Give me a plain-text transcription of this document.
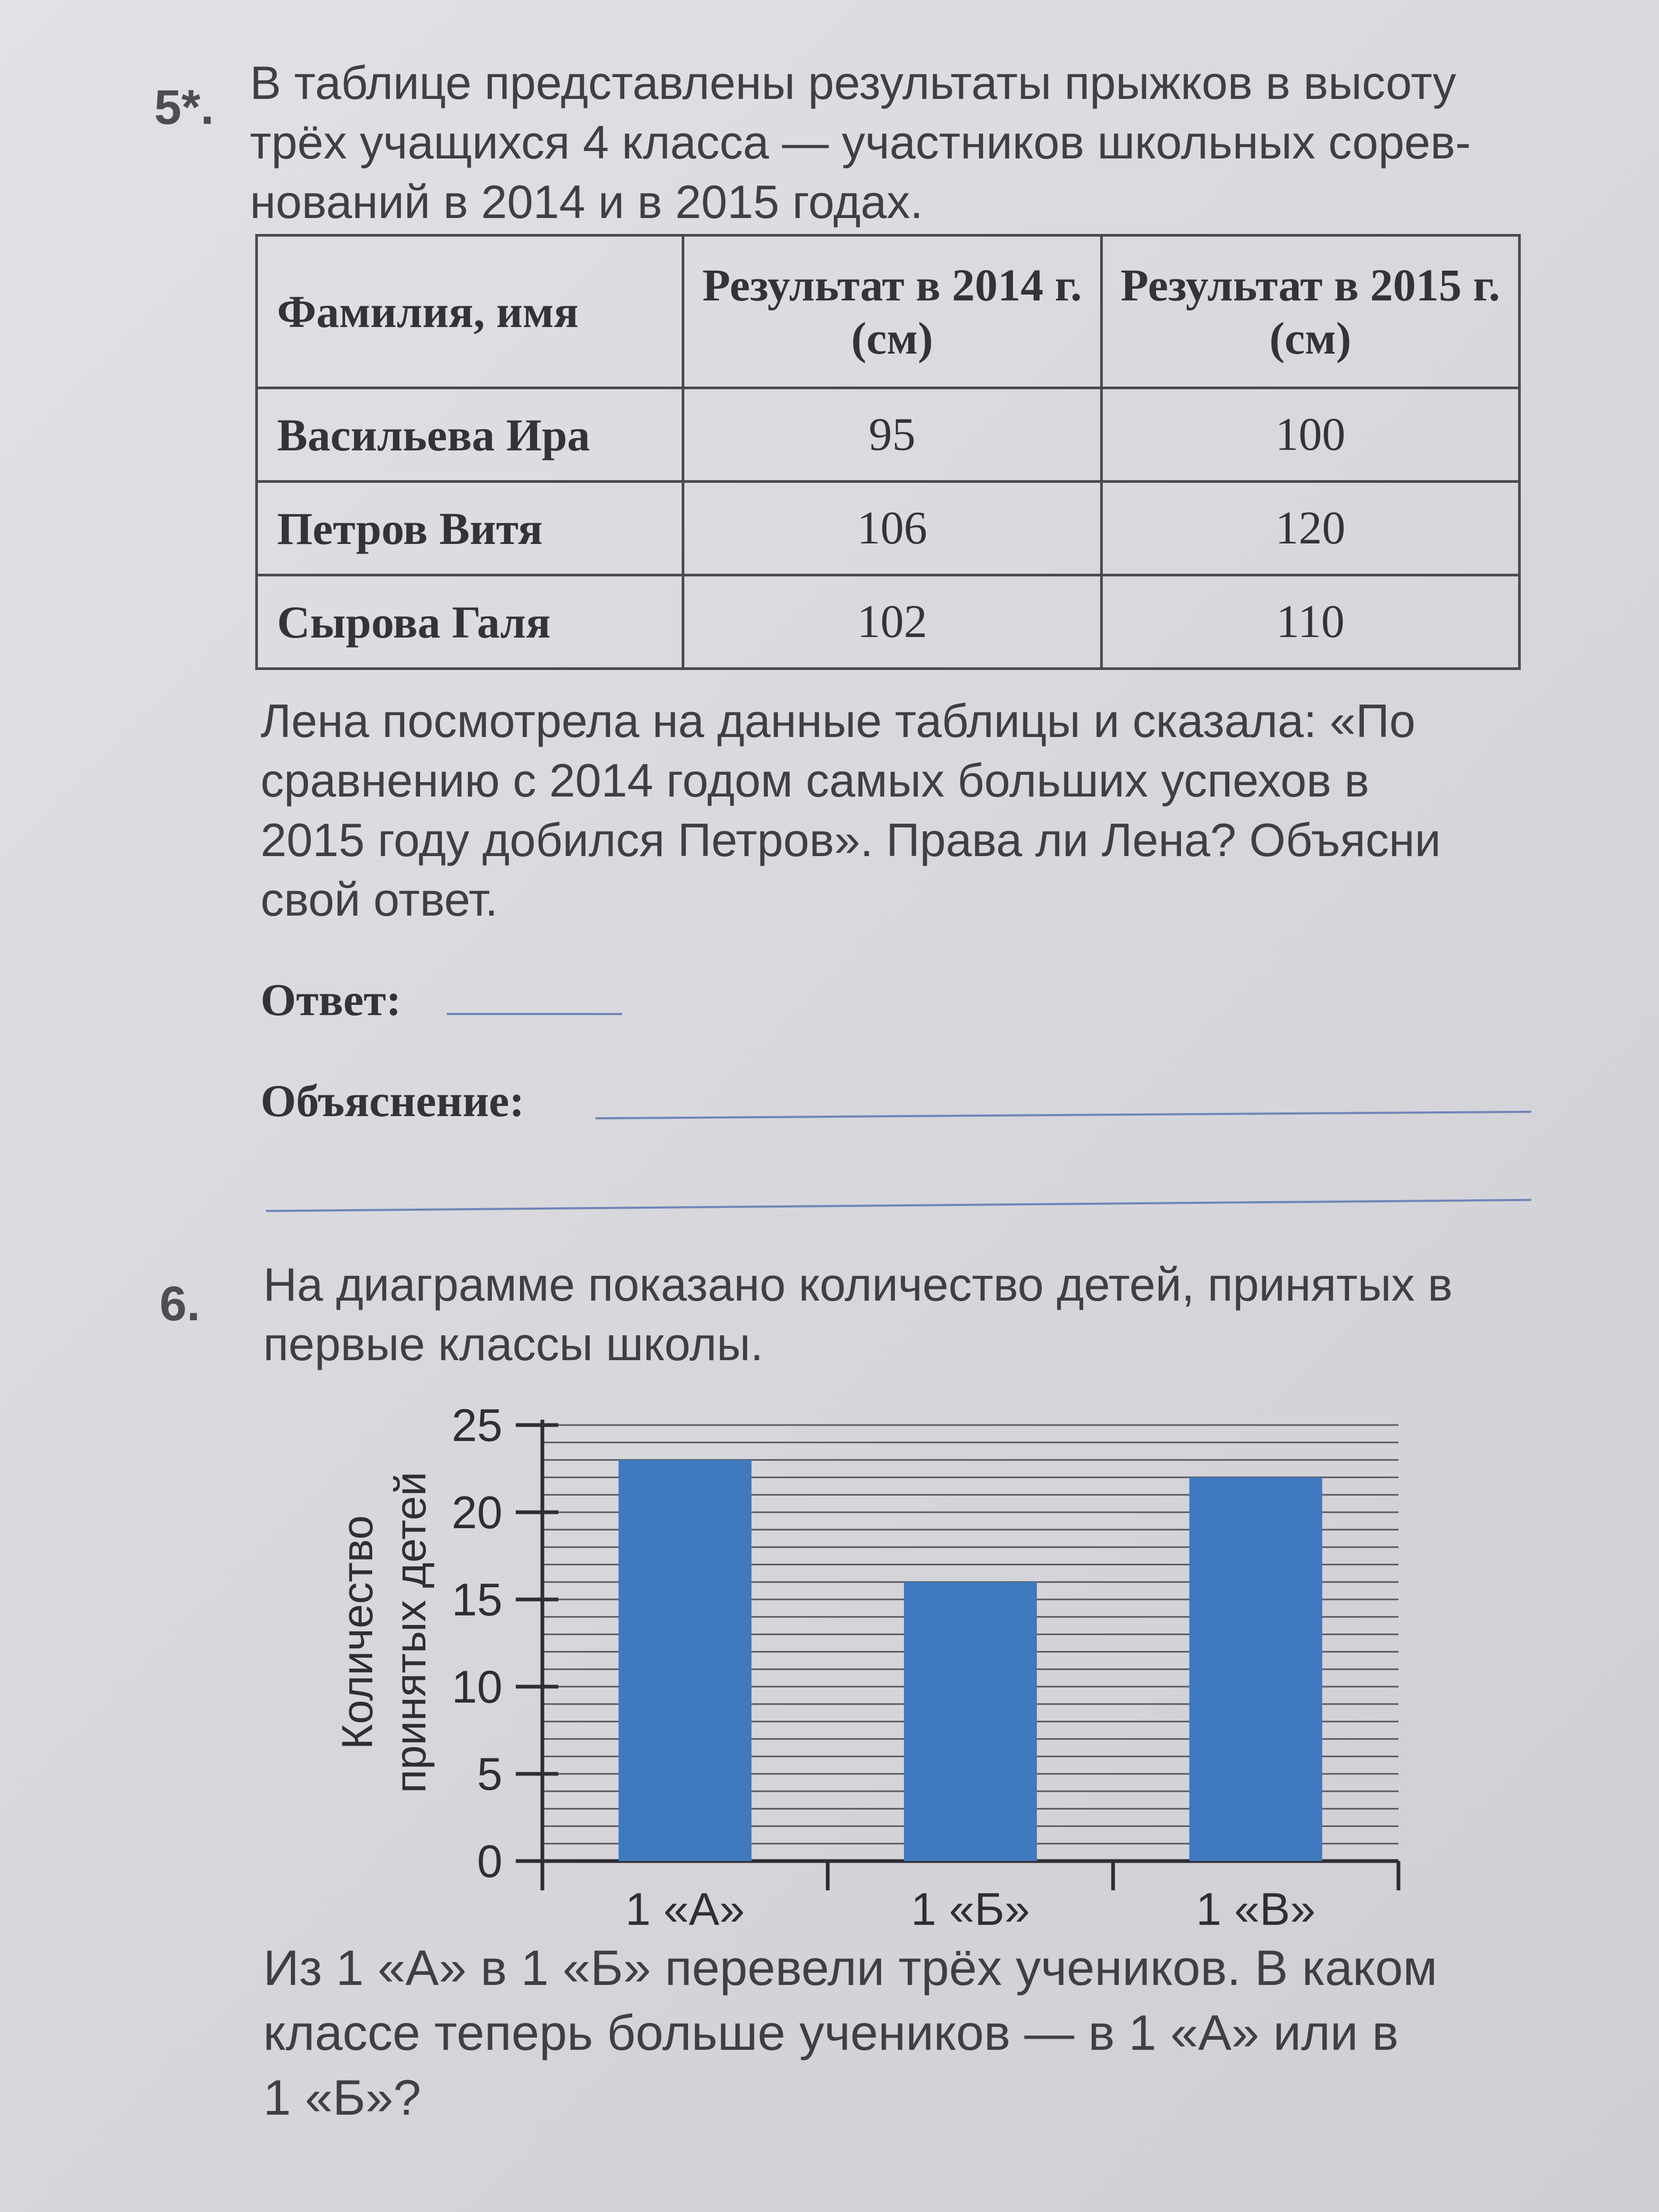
5*. В таблице представлены результаты прыжков в высоту
трёх учащихся 4 класса — участников школьных сорев-
нований в 2014 и в 2015 годах.
Фамилия, имя	Результат в 2014 г. (см)	Результат в 2015 г. (см)
Васильева Ира	95	100
Петров Витя	106	120
Сырова Галя	102	110
Лена посмотрела на данные таблицы и сказала: «По
сравнению с 2014 годом самых больших успехов в
2015 году добился Петров». Права ли Лена? Объясни
свой ответ.
Ответ:
Объяснение:
6. На диаграмме показано количество детей, принятых в
первые классы школы.
0
5
10
15
20
25
1 «А»	1 «Б»	1 «В»
Количество принятых детей
Из 1 «А» в 1 «Б» перевели трёх учеников. В каком
классе теперь больше учеников — в 1 «А» или в
1 «Б»?
